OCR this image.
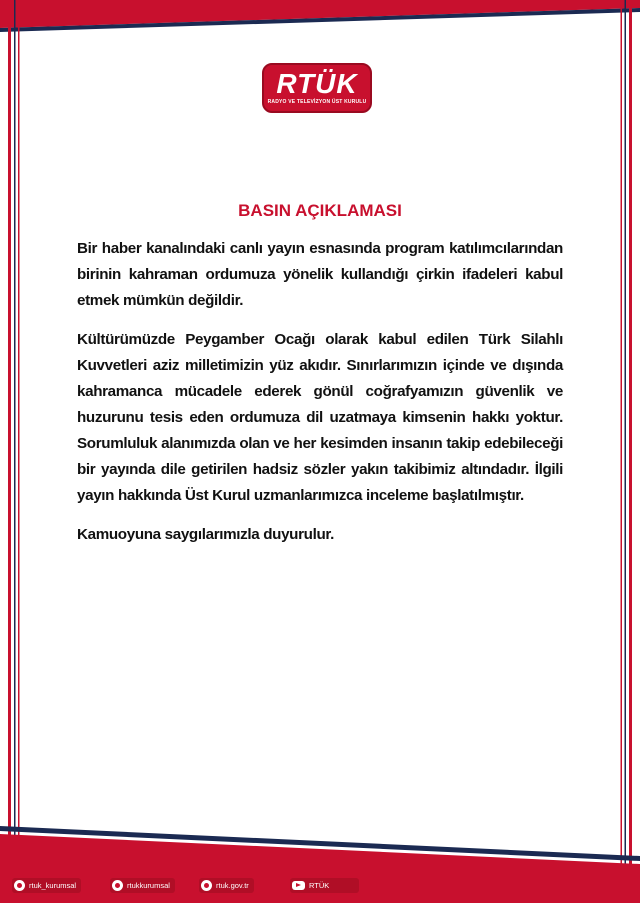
RTÜK
RADYO VE TELEVİZYON ÜST KURULU
BASIN AÇIKLAMASI

Bir haber kanalındaki canlı yayın esnasında program katılımcılarından birinin kahraman ordumuza yönelik kullandığı çirkin ifadeleri kabul etmek mümkün değildir.

Kültürümüzde Peygamber Ocağı olarak kabul edilen Türk Silahlı Kuvvetleri aziz milletimizin yüz akıdır. Sınırlarımızın içinde ve dışında kahramanca mücadele ederek gönül coğrafyamızın güvenlik ve huzurunu tesis eden ordumuza dil uzatmaya kimsenin hakkı yoktur. Sorumluluk alanımızda olan ve her kesimden insanın takip edebileceği bir yayında dile getirilen hadsiz sözler yakın takibimiz altındadır. İlgili yayın hakkında Üst Kurul uzmanlarımızca inceleme başlatılmıştır.

Kamuoyuna saygılarımızla duyurulur.

rtuk_kurumsal	rtukkurumsal	rtuk.gov.tr	RTÜK
